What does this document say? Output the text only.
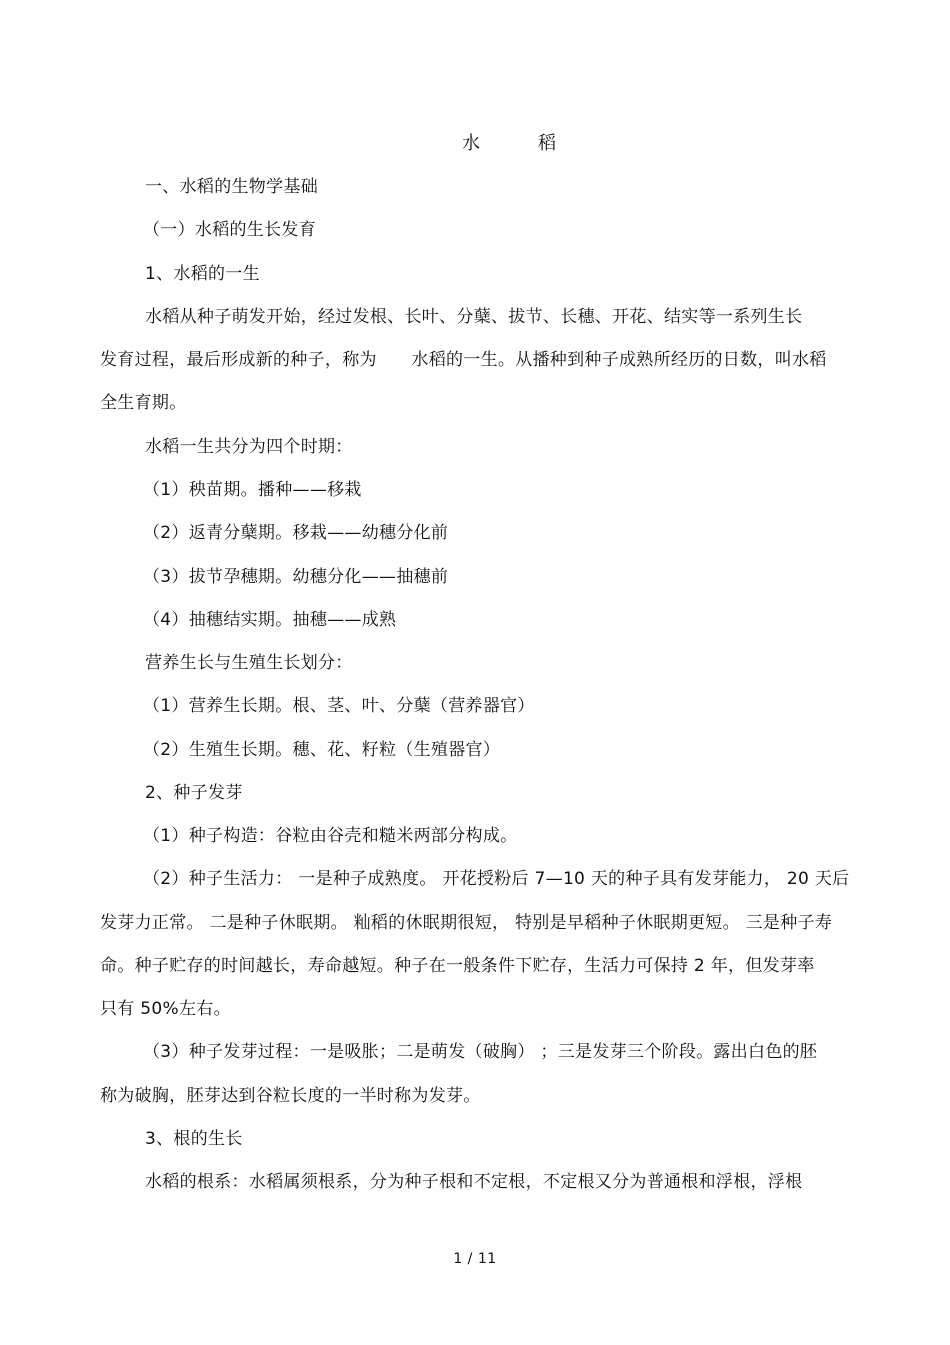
水	稻
一、水稻的生物学基础
（一）水稻的生长发育
1、水稻的一生
水稻从种子萌发开始，经过发根、长叶、分蘖、拔节、长穗、开花、结实等一系列生长
发育过程，最后形成新的种子，称为　　水稻的一生。从播种到种子成熟所经历的日数，叫水稻
全生育期。
水稻一生共分为四个时期：
（1）秧苗期。播种——移栽
（2）返青分蘖期。移栽——幼穗分化前
（3）拔节孕穗期。幼穗分化——抽穗前
（4）抽穗结实期。抽穗——成熟
营养生长与生殖生长划分：
（1）营养生长期。根、茎、叶、分蘖（营养器官）
（2）生殖生长期。穗、花、籽粒（生殖器官）
2、种子发芽
（1）种子构造：谷粒由谷壳和糙米两部分构成。
（2）种子生活力： 一是种子成熟度。 开花授粉后 7—10 天的种子具有发芽能力， 20 天后
发芽力正常。 二是种子休眠期。 籼稻的休眠期很短， 特别是早稻种子休眠期更短。 三是种子寿
命。种子贮存的时间越长，寿命越短。种子在一般条件下贮存，生活力可保持 2 年，但发芽率
只有 50%左右。
（3）种子发芽过程：一是吸胀；二是萌发（破胸） ；三是发芽三个阶段。露出白色的胚
称为破胸，胚芽达到谷粒长度的一半时称为发芽。
3、根的生长
水稻的根系：水稻属须根系，分为种子根和不定根，不定根又分为普通根和浮根，浮根
1 / 11
